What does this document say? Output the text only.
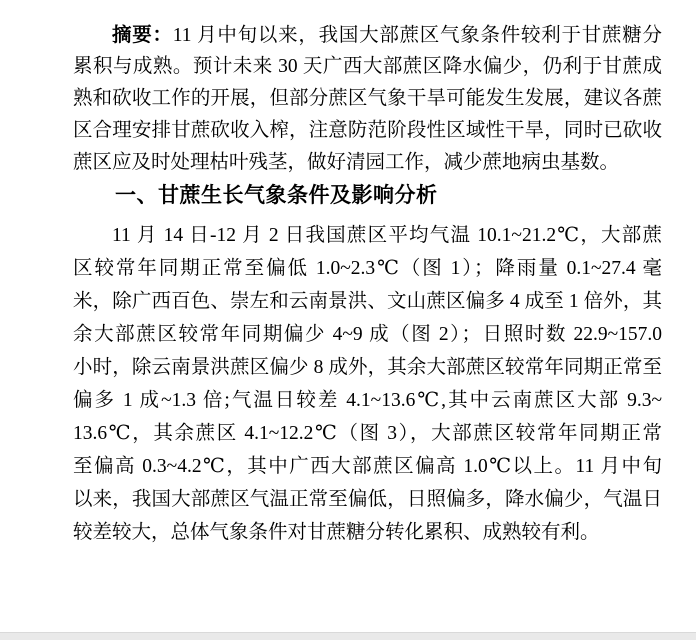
摘要：11 月中旬以来，我国大部蔗区气象条件较利于甘蔗糖分
累积与成熟。预计未来 30 天广西大部蔗区降水偏少，仍利于甘蔗成
熟和砍收工作的开展，但部分蔗区气象干旱可能发生发展，建议各蔗
区合理安排甘蔗砍收入榨，注意防范阶段性区域性干旱，同时已砍收
蔗区应及时处理枯叶残茎，做好清园工作，减少蔗地病虫基数。
一、甘蔗生长气象条件及影响分析
11 月 14 日-12 月 2 日我国蔗区平均气温 10.1~21.2℃，大部蔗
区较常年同期正常至偏低 1.0~2.3℃（图 1）；降雨量 0.1~27.4 毫
米，除广西百色、崇左和云南景洪、文山蔗区偏多 4 成至 1 倍外，其
余大部蔗区较常年同期偏少 4~9 成（图 2）；日照时数 22.9~157.0
小时，除云南景洪蔗区偏少 8 成外，其余大部蔗区较常年同期正常至
偏多 1 成~1.3 倍;气温日较差 4.1~13.6℃,其中云南蔗区大部 9.3~
13.6℃，其余蔗区 4.1~12.2℃（图 3），大部蔗区较常年同期正常
至偏高 0.3~4.2℃，其中广西大部蔗区偏高 1.0℃以上。11 月中旬
以来，我国大部蔗区气温正常至偏低，日照偏多，降水偏少，气温日
较差较大，总体气象条件对甘蔗糖分转化累积、成熟较有利。
